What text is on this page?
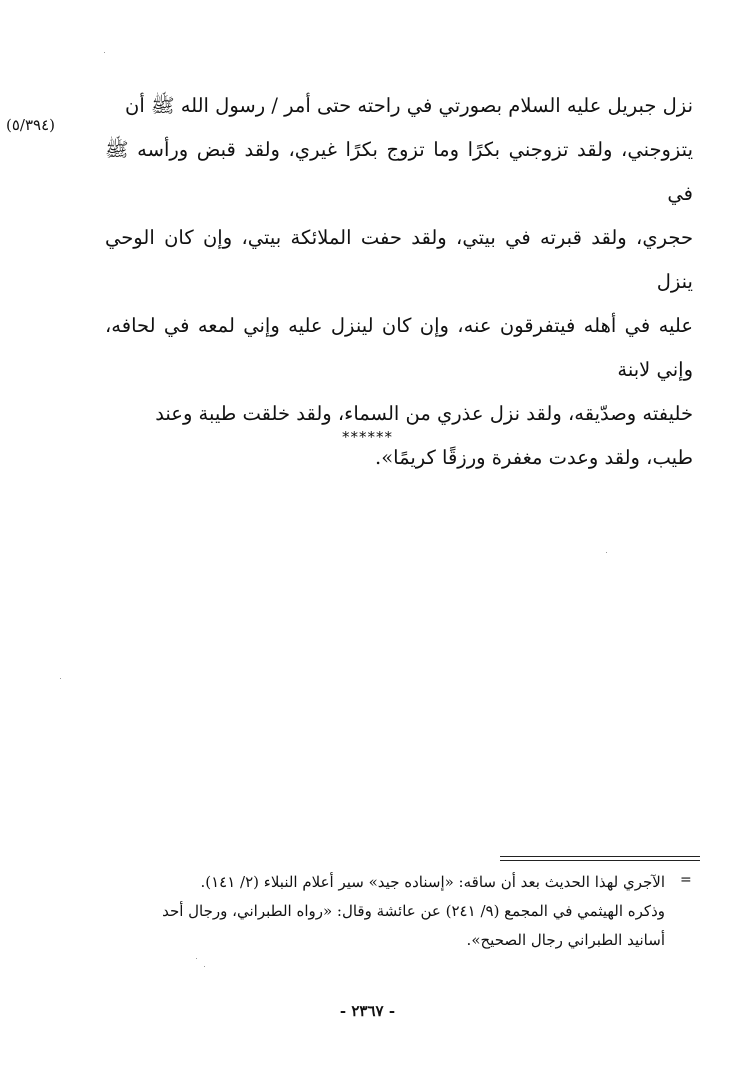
(٥/٣٩٤)

نزل جبريل عليه السلام بصورتي في راحته حتى أمر / رسول الله ﷺ أن

يتزوجني، ولقد تزوجني بكرًا وما تزوج بكرًا غيري، ولقد قبض ورأسه ﷺ في

حجري، ولقد قبرته في بيتي، ولقد حفت الملائكة بيتي، وإن كان الوحي ينزل

عليه في أهله فيتفرقون عنه، وإن كان لينزل عليه وإني لمعه في لحافه، وإني لابنة

خليفته وصدّيقه، ولقد نزل عذري من السماء، ولقد خلقت طيبة وعند

طيب، ولقد وعدت مغفرة ورزقًا كريمًا».

******
=

الآجري لهذا الحديث بعد أن ساقه: «إسناده جيد» سير أعلام النبلاء (٢/ ١٤١).

وذكره الهيثمي في المجمع (٩/ ٢٤١) عن عائشة وقال: «رواه الطبراني، ورجال أحد

أسانيد الطبراني رجال الصحيح».

- ٢٣٦٧ -
